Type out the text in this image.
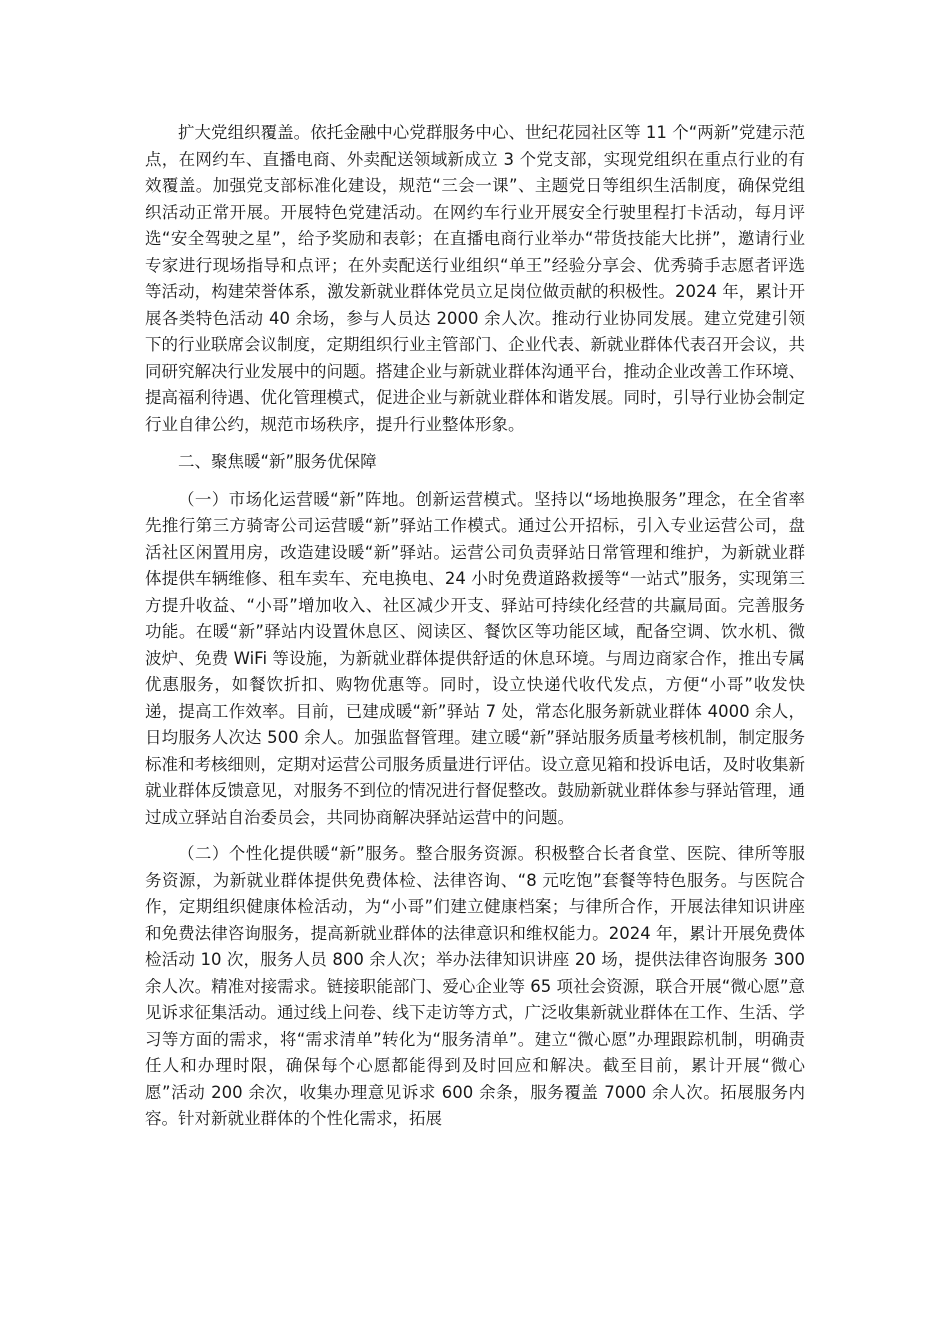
扩大党组织覆盖。依托金融中心党群服务中心、世纪花园社区等 11 个“两新”党建示范点，在网约车、直播电商、外卖配送领域新成立 3 个党支部，实现党组织在重点行业的有效覆盖。加强党支部标准化建设，规范“三会一课”、主题党日等组织生活制度，确保党组织活动正常开展。开展特色党建活动。在网约车行业开展安全行驶里程打卡活动，每月评选“安全驾驶之星”，给予奖励和表彰；在直播电商行业举办“带货技能大比拼”，邀请行业专家进行现场指导和点评；在外卖配送行业组织“单王”经验分享会、优秀骑手志愿者评选等活动，构建荣誉体系，激发新就业群体党员立足岗位做贡献的积极性。2024 年，累计开展各类特色活动 40 余场，参与人员达 2000 余人次。推动行业协同发展。建立党建引领下的行业联席会议制度，定期组织行业主管部门、企业代表、新就业群体代表召开会议，共同研究解决行业发展中的问题。搭建企业与新就业群体沟通平台，推动企业改善工作环境、提高福利待遇、优化管理模式，促进企业与新就业群体和谐发展。同时，引导行业协会制定行业自律公约，规范市场秩序，提升行业整体形象。

二、聚焦暖“新”服务优保障

（一）市场化运营暖“新”阵地。创新运营模式。坚持以“场地换服务”理念，在全省率先推行第三方骑寄公司运营暖“新”驿站工作模式。通过公开招标，引入专业运营公司，盘活社区闲置用房，改造建设暖“新”驿站。运营公司负责驿站日常管理和维护，为新就业群体提供车辆维修、租车卖车、充电换电、24 小时免费道路救援等“一站式”服务，实现第三方提升收益、“小哥”增加收入、社区减少开支、驿站可持续化经营的共赢局面。完善服务功能。在暖“新”驿站内设置休息区、阅读区、餐饮区等功能区域，配备空调、饮水机、微波炉、免费 WiFi 等设施，为新就业群体提供舒适的休息环境。与周边商家合作，推出专属优惠服务，如餐饮折扣、购物优惠等。同时，设立快递代收代发点，方便“小哥”收发快递，提高工作效率。目前，已建成暖“新”驿站 7 处，常态化服务新就业群体 4000 余人，日均服务人次达 500 余人。加强监督管理。建立暖“新”驿站服务质量考核机制，制定服务标准和考核细则，定期对运营公司服务质量进行评估。设立意见箱和投诉电话，及时收集新就业群体反馈意见，对服务不到位的情况进行督促整改。鼓励新就业群体参与驿站管理，通过成立驿站自治委员会，共同协商解决驿站运营中的问题。

（二）个性化提供暖“新”服务。整合服务资源。积极整合长者食堂、医院、律所等服务资源，为新就业群体提供免费体检、法律咨询、“8 元吃饱”套餐等特色服务。与医院合作，定期组织健康体检活动，为“小哥”们建立健康档案；与律所合作，开展法律知识讲座和免费法律咨询服务，提高新就业群体的法律意识和维权能力。2024 年，累计开展免费体检活动 10 次，服务人员 800 余人次；举办法律知识讲座 20 场，提供法律咨询服务 300 余人次。精准对接需求。链接职能部门、爱心企业等 65 项社会资源，联合开展“微心愿”意见诉求征集活动。通过线上问卷、线下走访等方式，广泛收集新就业群体在工作、生活、学习等方面的需求，将“需求清单”转化为“服务清单”。建立“微心愿”办理跟踪机制，明确责任人和办理时限，确保每个心愿都能得到及时回应和解决。截至目前，累计开展“微心愿”活动 200 余次，收集办理意见诉求 600 余条，服务覆盖 7000 余人次。拓展服务内容。针对新就业群体的个性化需求，拓展
